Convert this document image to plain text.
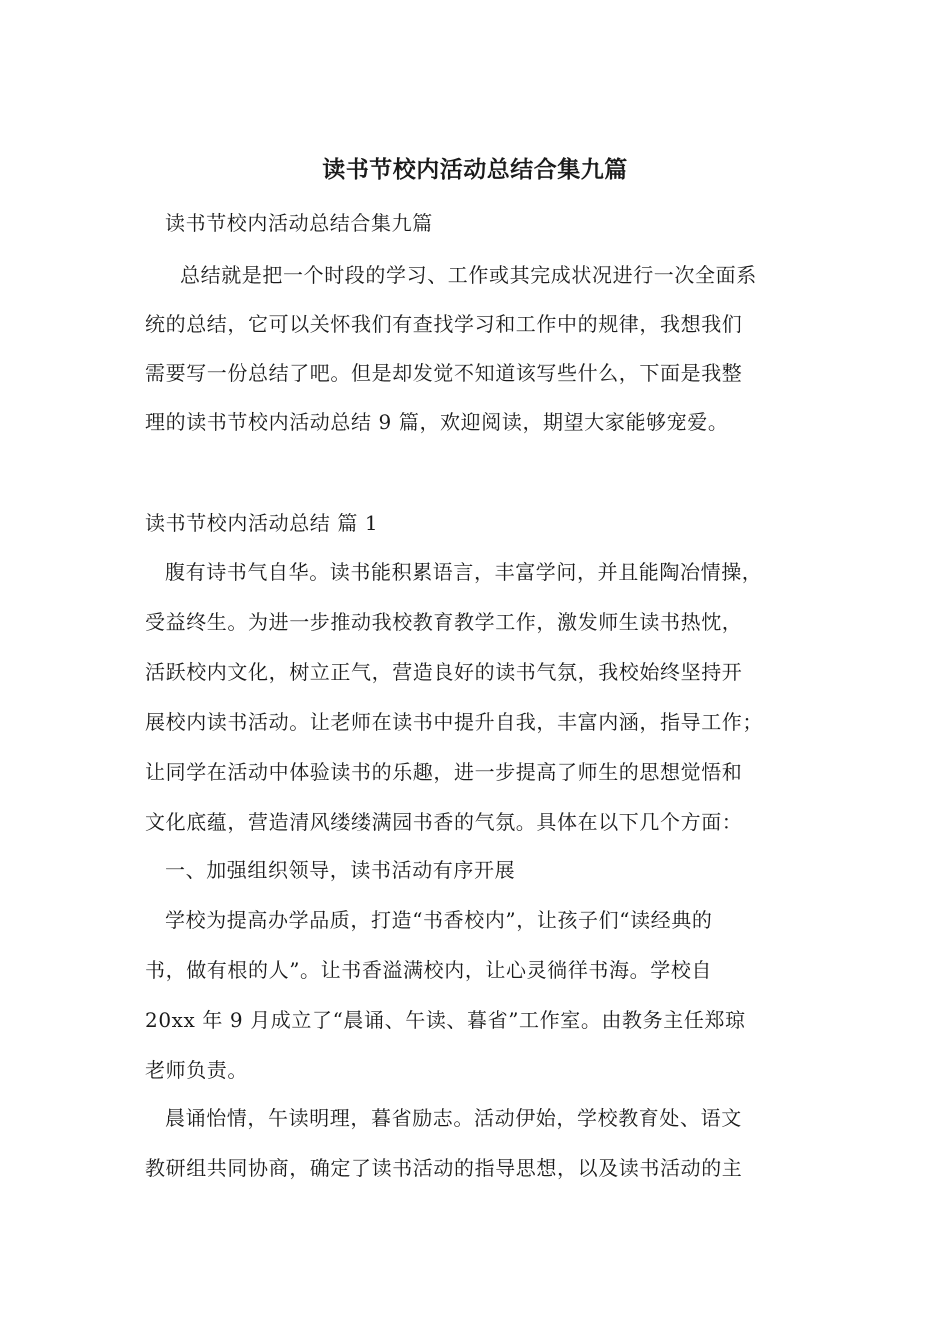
读书节校内活动总结合集九篇
读书节校内活动总结合集九篇
总结就是把一个时段的学习、工作或其完成状况进行一次全面系
统的总结，它可以关怀我们有查找学习和工作中的规律，我想我们
需要写一份总结了吧。但是却发觉不知道该写些什么，下面是我整
理的读书节校内活动总结 9 篇，欢迎阅读，期望大家能够宠爱。
读书节校内活动总结 篇 1
腹有诗书气自华。读书能积累语言，丰富学问，并且能陶冶情操，
受益终生。为进一步推动我校教育教学工作，激发师生读书热忱，
活跃校内文化，树立正气，营造良好的读书气氛，我校始终坚持开
展校内读书活动。让老师在读书中提升自我，丰富内涵，指导工作；
让同学在活动中体验读书的乐趣，进一步提高了师生的思想觉悟和
文化底蕴，营造清风缕缕满园书香的气氛。具体在以下几个方面：
一、加强组织领导，读书活动有序开展
学校为提高办学品质，打造“书香校内”，让孩子们“读经典的
书，做有根的人”。让书香溢满校内，让心灵徜徉书海。学校自
20xx 年 9 月成立了“晨诵、午读、暮省”工作室。由教务主任郑琼
老师负责。
晨诵怡情，午读明理，暮省励志。活动伊始，学校教育处、语文
教研组共同协商，确定了读书活动的指导思想，以及读书活动的主
